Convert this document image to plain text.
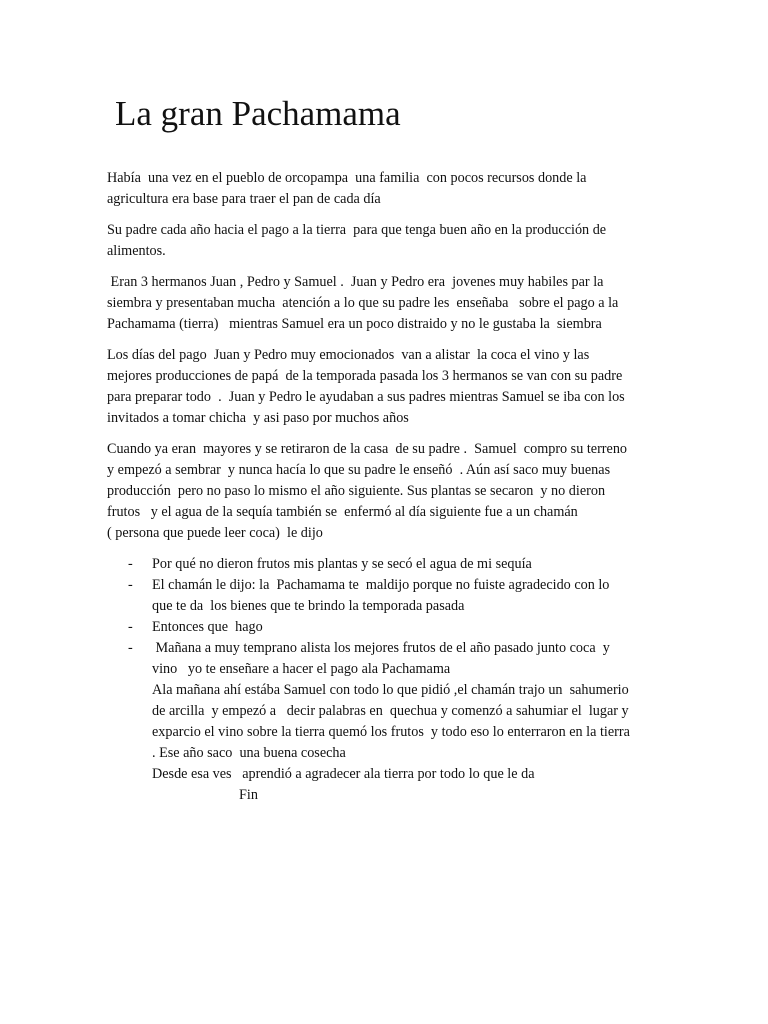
La gran Pachamama

Había  una vez en el pueblo de orcopampa  una familia  con pocos recursos donde la
agricultura era base para traer el pan de cada día

Su padre cada año hacia el pago a la tierra  para que tenga buen año en la producción de
alimentos.

Eran 3 hermanos Juan , Pedro y Samuel .  Juan y Pedro era  jovenes muy habiles par la
siembra y presentaban mucha  atención a lo que su padre les  enseñaba   sobre el pago a la
Pachamama (tierra)   mientras Samuel era un poco distraido y no le gustaba la  siembra

Los días del pago  Juan y Pedro muy emocionados  van a alistar  la coca el vino y las
mejores producciones de papá  de la temporada pasada los 3 hermanos se van con su padre
para preparar todo  .  Juan y Pedro le ayudaban a sus padres mientras Samuel se iba con los
invitados a tomar chicha  y asi paso por muchos años

Cuando ya eran  mayores y se retiraron de la casa  de su padre .  Samuel  compro su terreno
y empezó a sembrar  y nunca hacía lo que su padre le enseñó  . Aún así saco muy buenas
producción  pero no paso lo mismo el año siguiente. Sus plantas se secaron  y no dieron
frutos   y el agua de la sequía también se  enfermó al día siguiente fue a un chamán
( persona que puede leer coca)  le dijo

- Por qué no dieron frutos mis plantas y se secó el agua de mi sequía
- El chamán le dijo: la  Pachamama te  maldijo porque no fuiste agradecido con lo
que te da  los bienes que te brindo la temporada pasada
- Entonces que  hago
- Mañana a muy temprano alista los mejores frutos de el año pasado junto coca  y
vino   yo te enseñare a hacer el pago ala Pachamama
Ala mañana ahí estába Samuel con todo lo que pidió ,el chamán trajo un  sahumerio
de arcilla  y empezó a   decir palabras en  quechua y comenzó a sahumiar el  lugar y
exparcio el vino sobre la tierra quemó los frutos  y todo eso lo enterraron en la tierra
. Ese año saco  una buena cosecha
Desde esa ves   aprendió a agradecer ala tierra por todo lo que le da
Fin
